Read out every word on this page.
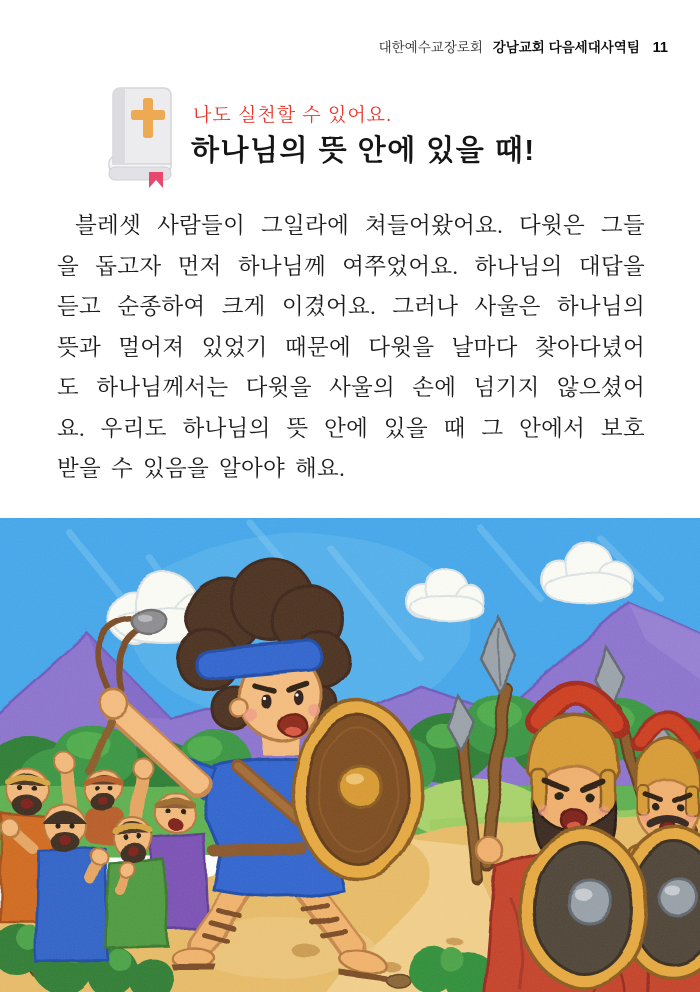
대한예수교장로회 강남교회 다음세대사역팀 11
나도 실천할 수 있어요.
하나님의 뜻 안에 있을 때!
블레셋 사람들이 그일라에 쳐들어왔어요. 다윗은 그들
을 돕고자 먼저 하나님께 여쭈었어요. 하나님의 대답을
듣고 순종하여 크게 이겼어요. 그러나 사울은 하나님의
뜻과 멀어져 있었기 때문에 다윗을 날마다 찾아다녔어
도 하나님께서는 다윗을 사울의 손에 넘기지 않으셨어
요. 우리도 하나님의 뜻 안에 있을 때 그 안에서 보호
받을 수 있음을 알아야 해요.
